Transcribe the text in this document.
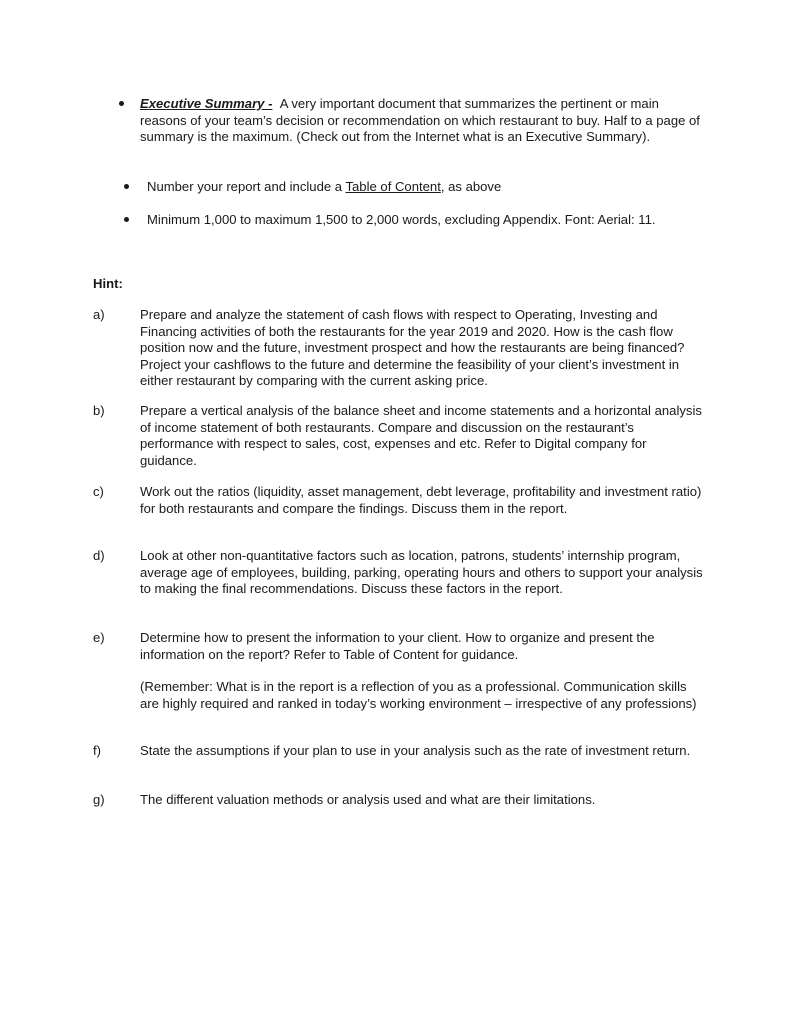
Executive Summary - A very important document that summarizes the pertinent or main reasons of your team’s decision or recommendation on which restaurant to buy. Half to a page of summary is the maximum. (Check out from the Internet what is an Executive Summary).
Number your report and include a Table of Content, as above
Minimum 1,000 to maximum 1,500 to 2,000 words, excluding Appendix. Font: Aerial: 11.
Hint:
a)	Prepare and analyze the statement of cash flows with respect to Operating, Investing and Financing activities of both the restaurants for the year 2019 and 2020. How is the cash flow position now and the future, investment prospect and how the restaurants are being financed? Project your cashflows to the future and determine the feasibility of your client’s investment in either restaurant by comparing with the current asking price.
b)	Prepare a vertical analysis of the balance sheet and income statements and a horizontal analysis of income statement of both restaurants. Compare and discussion on the restaurant’s performance with respect to sales, cost, expenses and etc. Refer to Digital company for guidance.
c)	Work out the ratios (liquidity, asset management, debt leverage, profitability and investment ratio) for both restaurants and compare the findings. Discuss them in the report.
d)	Look at other non-quantitative factors such as location, patrons, students’ internship program, average age of employees, building, parking, operating hours and others to support your analysis to making the final recommendations. Discuss these factors in the report.
e)	Determine how to present the information to your client. How to organize and present the information on the report? Refer to Table of Content for guidance.
(Remember: What is in the report is a reflection of you as a professional. Communication skills are highly required and ranked in today’s working environment – irrespective of any professions)
f)	State the assumptions if your plan to use in your analysis such as the rate of investment return.
g)	The different valuation methods or analysis used and what are their limitations.
